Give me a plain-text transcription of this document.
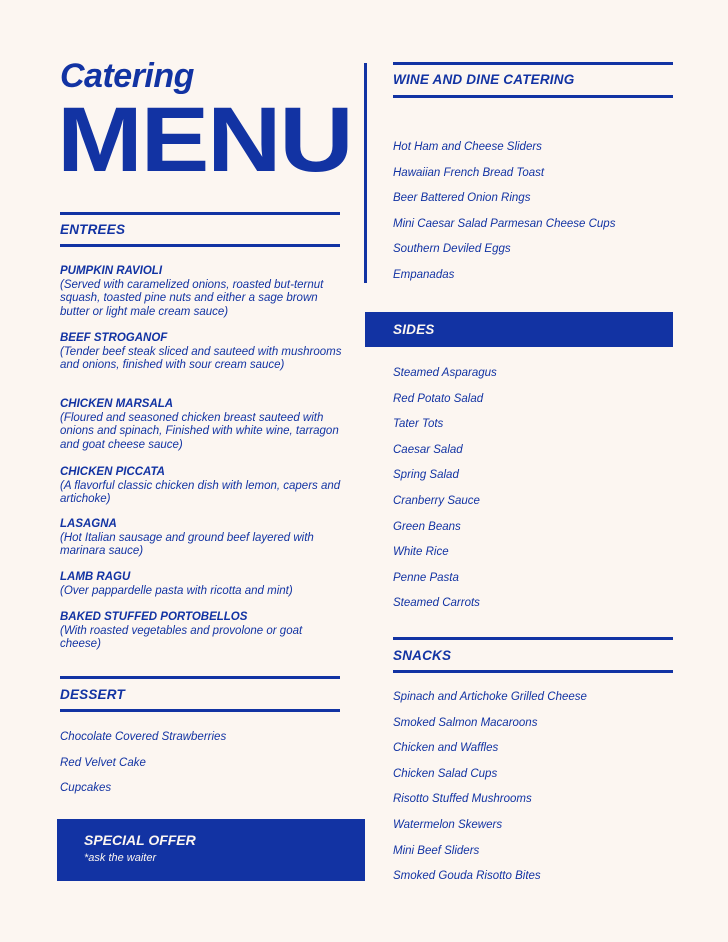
Catering
MENU
ENTREES
PUMPKIN RAVIOLI
(Served with caramelized onions, roasted but-ternut squash, toasted pine nuts and either a sage brown butter or light male cream sauce)
BEEF STROGANOF
(Tender beef steak sliced and sauteed with mushrooms and onions, finished with sour cream sauce)
CHICKEN MARSALA
(Floured and seasoned chicken breast sauteed with onions and spinach, Finished with white wine, tarragon and goat cheese sauce)
CHICKEN PICCATA
(A flavorful classic chicken dish with lemon, capers and artichoke)
LASAGNA
(Hot Italian sausage and ground beef layered with marinara sauce)
LAMB RAGU
(Over pappardelle pasta with ricotta and mint)
BAKED STUFFED PORTOBELLOS
(With roasted vegetables and provolone or goat cheese)
DESSERT
Chocolate Covered Strawberries
Red Velvet Cake
Cupcakes
SPECIAL OFFER
*ask the waiter
WINE AND DINE CATERING
Hot Ham and Cheese Sliders
Hawaiian French Bread Toast
Beer Battered Onion Rings
Mini Caesar Salad Parmesan Cheese Cups
Southern Deviled Eggs
Empanadas
SIDES
Steamed Asparagus
Red Potato Salad
Tater Tots
Caesar Salad
Spring Salad
Cranberry Sauce
Green Beans
White Rice
Penne Pasta
Steamed Carrots
SNACKS
Spinach and Artichoke Grilled Cheese
Smoked Salmon Macaroons
Chicken and Waffles
Chicken Salad Cups
Risotto Stuffed Mushrooms
Watermelon Skewers
Mini Beef Sliders
Smoked Gouda Risotto Bites
